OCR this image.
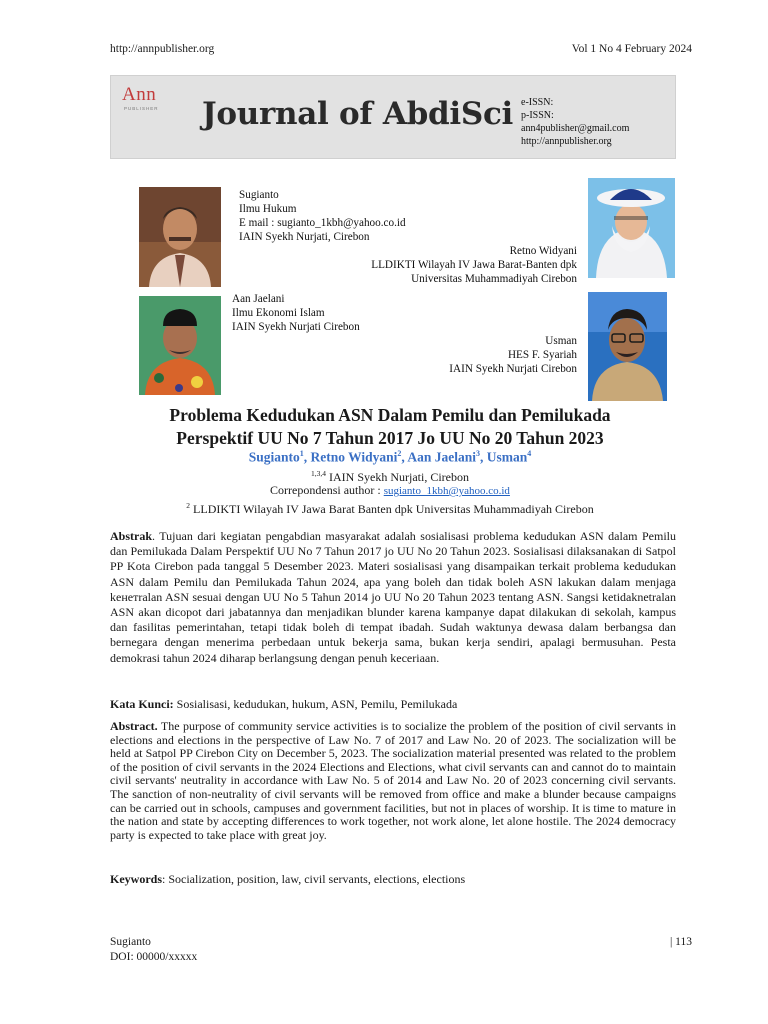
http://annpublisher.org	Vol 1 No 4 February 2024
Ann
PUBLISHER Journal of AbdiSci e-ISSN:
p-ISSN:
ann4publisher@gmail.com
http://annpublisher.org
Sugianto
Ilmu Hukum
E mail : sugianto_1kbh@yahoo.co.id
IAIN Syekh Nurjati, Cirebon
Retno Widyani
LLDIKTI Wilayah IV Jawa Barat-Banten dpk
Universitas Muhammadiyah Cirebon
Aan Jaelani
Ilmu Ekonomi Islam
IAIN Syekh Nurjati Cirebon
Usman
HES F. Syariah
IAIN Syekh Nurjati Cirebon
Problema Kedudukan ASN Dalam Pemilu dan Pemilukada
Perspektif UU No 7 Tahun 2017 Jo UU No 20 Tahun 2023
Sugianto$^1$, Retno Widyani$^2$, Aan Jaelani$^3$, Usman$^4$
$^{1,3,4}$ IAIN Syekh Nurjati, Cirebon
Correpondensi author : sugianto_1kbh@yahoo.co.id
$^2$ LLDIKTI Wilayah IV Jawa Barat Banten dpk Universitas Muhammadiyah Cirebon
Abstrak. Tujuan dari kegiatan pengabdian masyarakat adalah sosialisasi problema kedudukan ASN dalam Pemilu dan Pemilukada Dalam Perspektif UU No 7 Tahun 2017 jo UU No 20 Tahun 2023. Sosialisasi dilaksanakan di Satpol PP Kota Cirebon pada tanggal 5 Desember 2023. Materi sosialisasi yang disampaikan terkait problema kedudukan ASN dalam Pemilu dan Pemilukada Tahun 2024, apa yang boleh dan tidak boleh ASN lakukan dalam menjaga keнетralan ASN sesuai dengan UU No 5 Tahun 2014 jo UU No 20 Tahun 2023 tentang ASN. Sangsi ketidaknetralan ASN akan dicopot dari jabatannya dan menjadikan blunder karena kampanye dapat dilakukan di sekolah, kampus dan fasilitas pemerintahan, tetapi tidak boleh di tempat ibadah. Sudah waktunya dewasa dalam berbangsa dan bernegara dengan menerima perbedaan untuk bekerja sama, bukan kerja sendiri, apalagi bermusuhan. Pesta demokrasi tahun 2024 diharap berlangsung dengan penuh keceriaan.
Kata Kunci: Sosialisasi, kedudukan, hukum, ASN, Pemilu, Pemilukada
Abstract. The purpose of community service activities is to socialize the problem of the position of civil servants in elections and elections in the perspective of Law No. 7 of 2017 and Law No. 20 of 2023. The socialization will be held at Satpol PP Cirebon City on December 5, 2023. The socialization material presented was related to the problem of the position of civil servants in the 2024 Elections and Elections, what civil servants can and cannot do to maintain civil servants' neutrality in accordance with Law No. 5 of 2014 and Law No. 20 of 2023 concerning civil servants. The sanction of non-neutrality of civil servants will be removed from office and make a blunder because campaigns can be carried out in schools, campuses and government facilities, but not in places of worship. It is time to mature in the nation and state by accepting differences to work together, not work alone, let alone hostile. The 2024 democracy party is expected to take place with great joy.
Keywords: Socialization, position, law, civil servants, elections, elections
Sugianto
DOI: 00000/xxxxx
| 113
